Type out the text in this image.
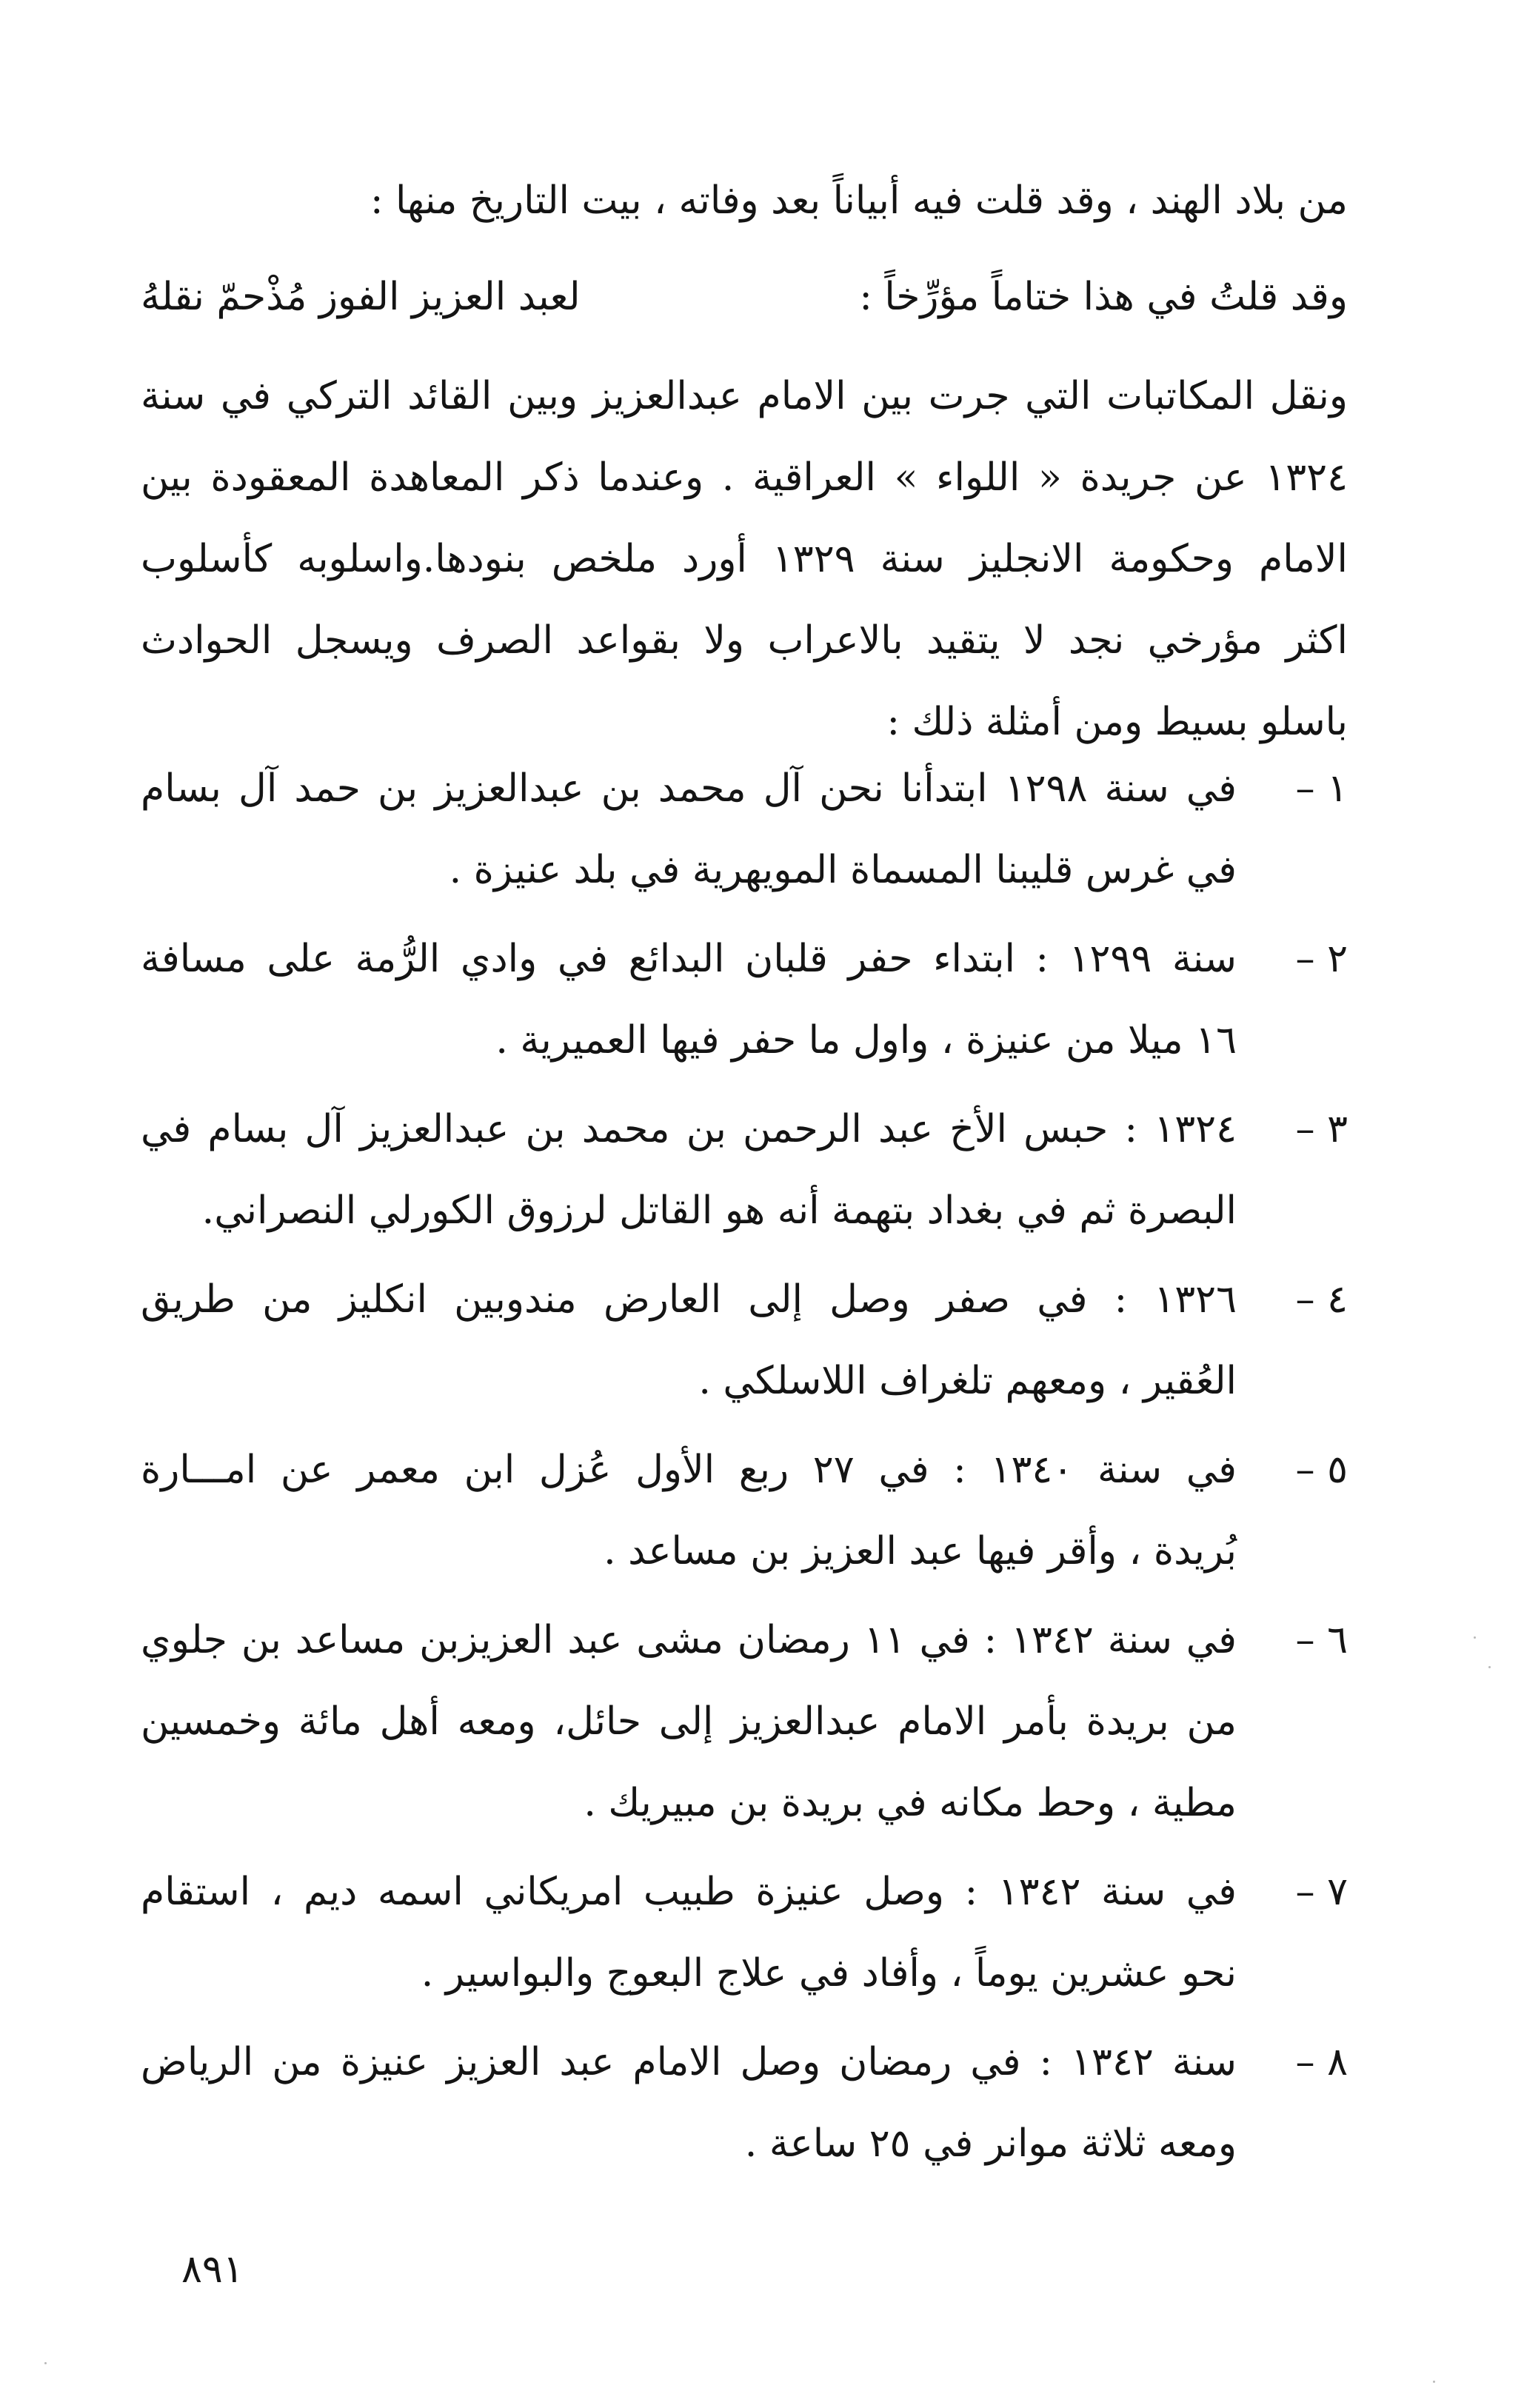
من بلاد الهند ، وقد قلت فيه أبياناً بعد وفاته ، بيت التاريخ منها :
وقد قلتُ في هذا ختاماً مؤرِّخاً :
لعبد العزيز الفوز مُذْحمّ نقلهُ
ونقل المكاتبات التي جرت بين الامام عبدالعزيز وبين القائد التركي في سنة
١٣٢٤ عن جريدة « اللواء » العراقية . وعندما ذكر المعاهدة المعقودة بين
الامام وحكومة الانجليز سنة ١٣٢٩ أورد ملخص بنودها.واسلوبه كأسلوب
اكثر مؤرخي نجد لا يتقيد بالاعراب ولا بقواعد الصرف ويسجل الحوادث
باسلو بسيط ومن أمثلة ذلك :
١ –
في سنة ١٢٩٨ ابتدأنا نحن آل محمد بن عبدالعزيز بن حمد آل بسام
في غرس قليبنا المسماة المويهرية في بلد عنيزة .
٢ –
سنة ١٢٩٩ : ابتداء حفر قلبان البدائع في وادي الرُّمة على مسافة
١٦ ميلا من عنيزة ، واول ما حفر فيها العميرية .
٣ –
١٣٢٤ : حبس الأخ عبد الرحمن بن محمد بن عبدالعزيز آل بسام في
البصرة ثم في بغداد بتهمة أنه هو القاتل لرزوق الكورلي النصراني.
٤ –
١٣٢٦ : في صفر وصل إلى العارض مندوبين انكليز من طريق
العُقير ، ومعهم تلغراف اللاسلكي .
٥ –
في سنة ١٣٤٠ : في ٢٧ ربع الأول عُزل ابن معمر عن امـــارة
بُريدة ، وأقر فيها عبد العزيز بن مساعد .
٦ –
في سنة ١٣٤٢ : في ١١ رمضان مشى عبد العزيزبن مساعد بن جلوي
من بريدة بأمر الامام عبدالعزيز إلى حائل، ومعه أهل مائة وخمسين
مطية ، وحط مكانه في بريدة بن مبيريك .
٧ –
في سنة ١٣٤٢ : وصل عنيزة طبيب امريكاني اسمه ديم ، استقام
نحو عشرين يوماً ، وأفاد في علاج البعوج والبواسير .
٨ –
سنة ١٣٤٢ : في رمضان وصل الامام عبد العزيز عنيزة من الرياض
ومعه ثلاثة موانر في ٢٥ ساعة .
٨٩١
